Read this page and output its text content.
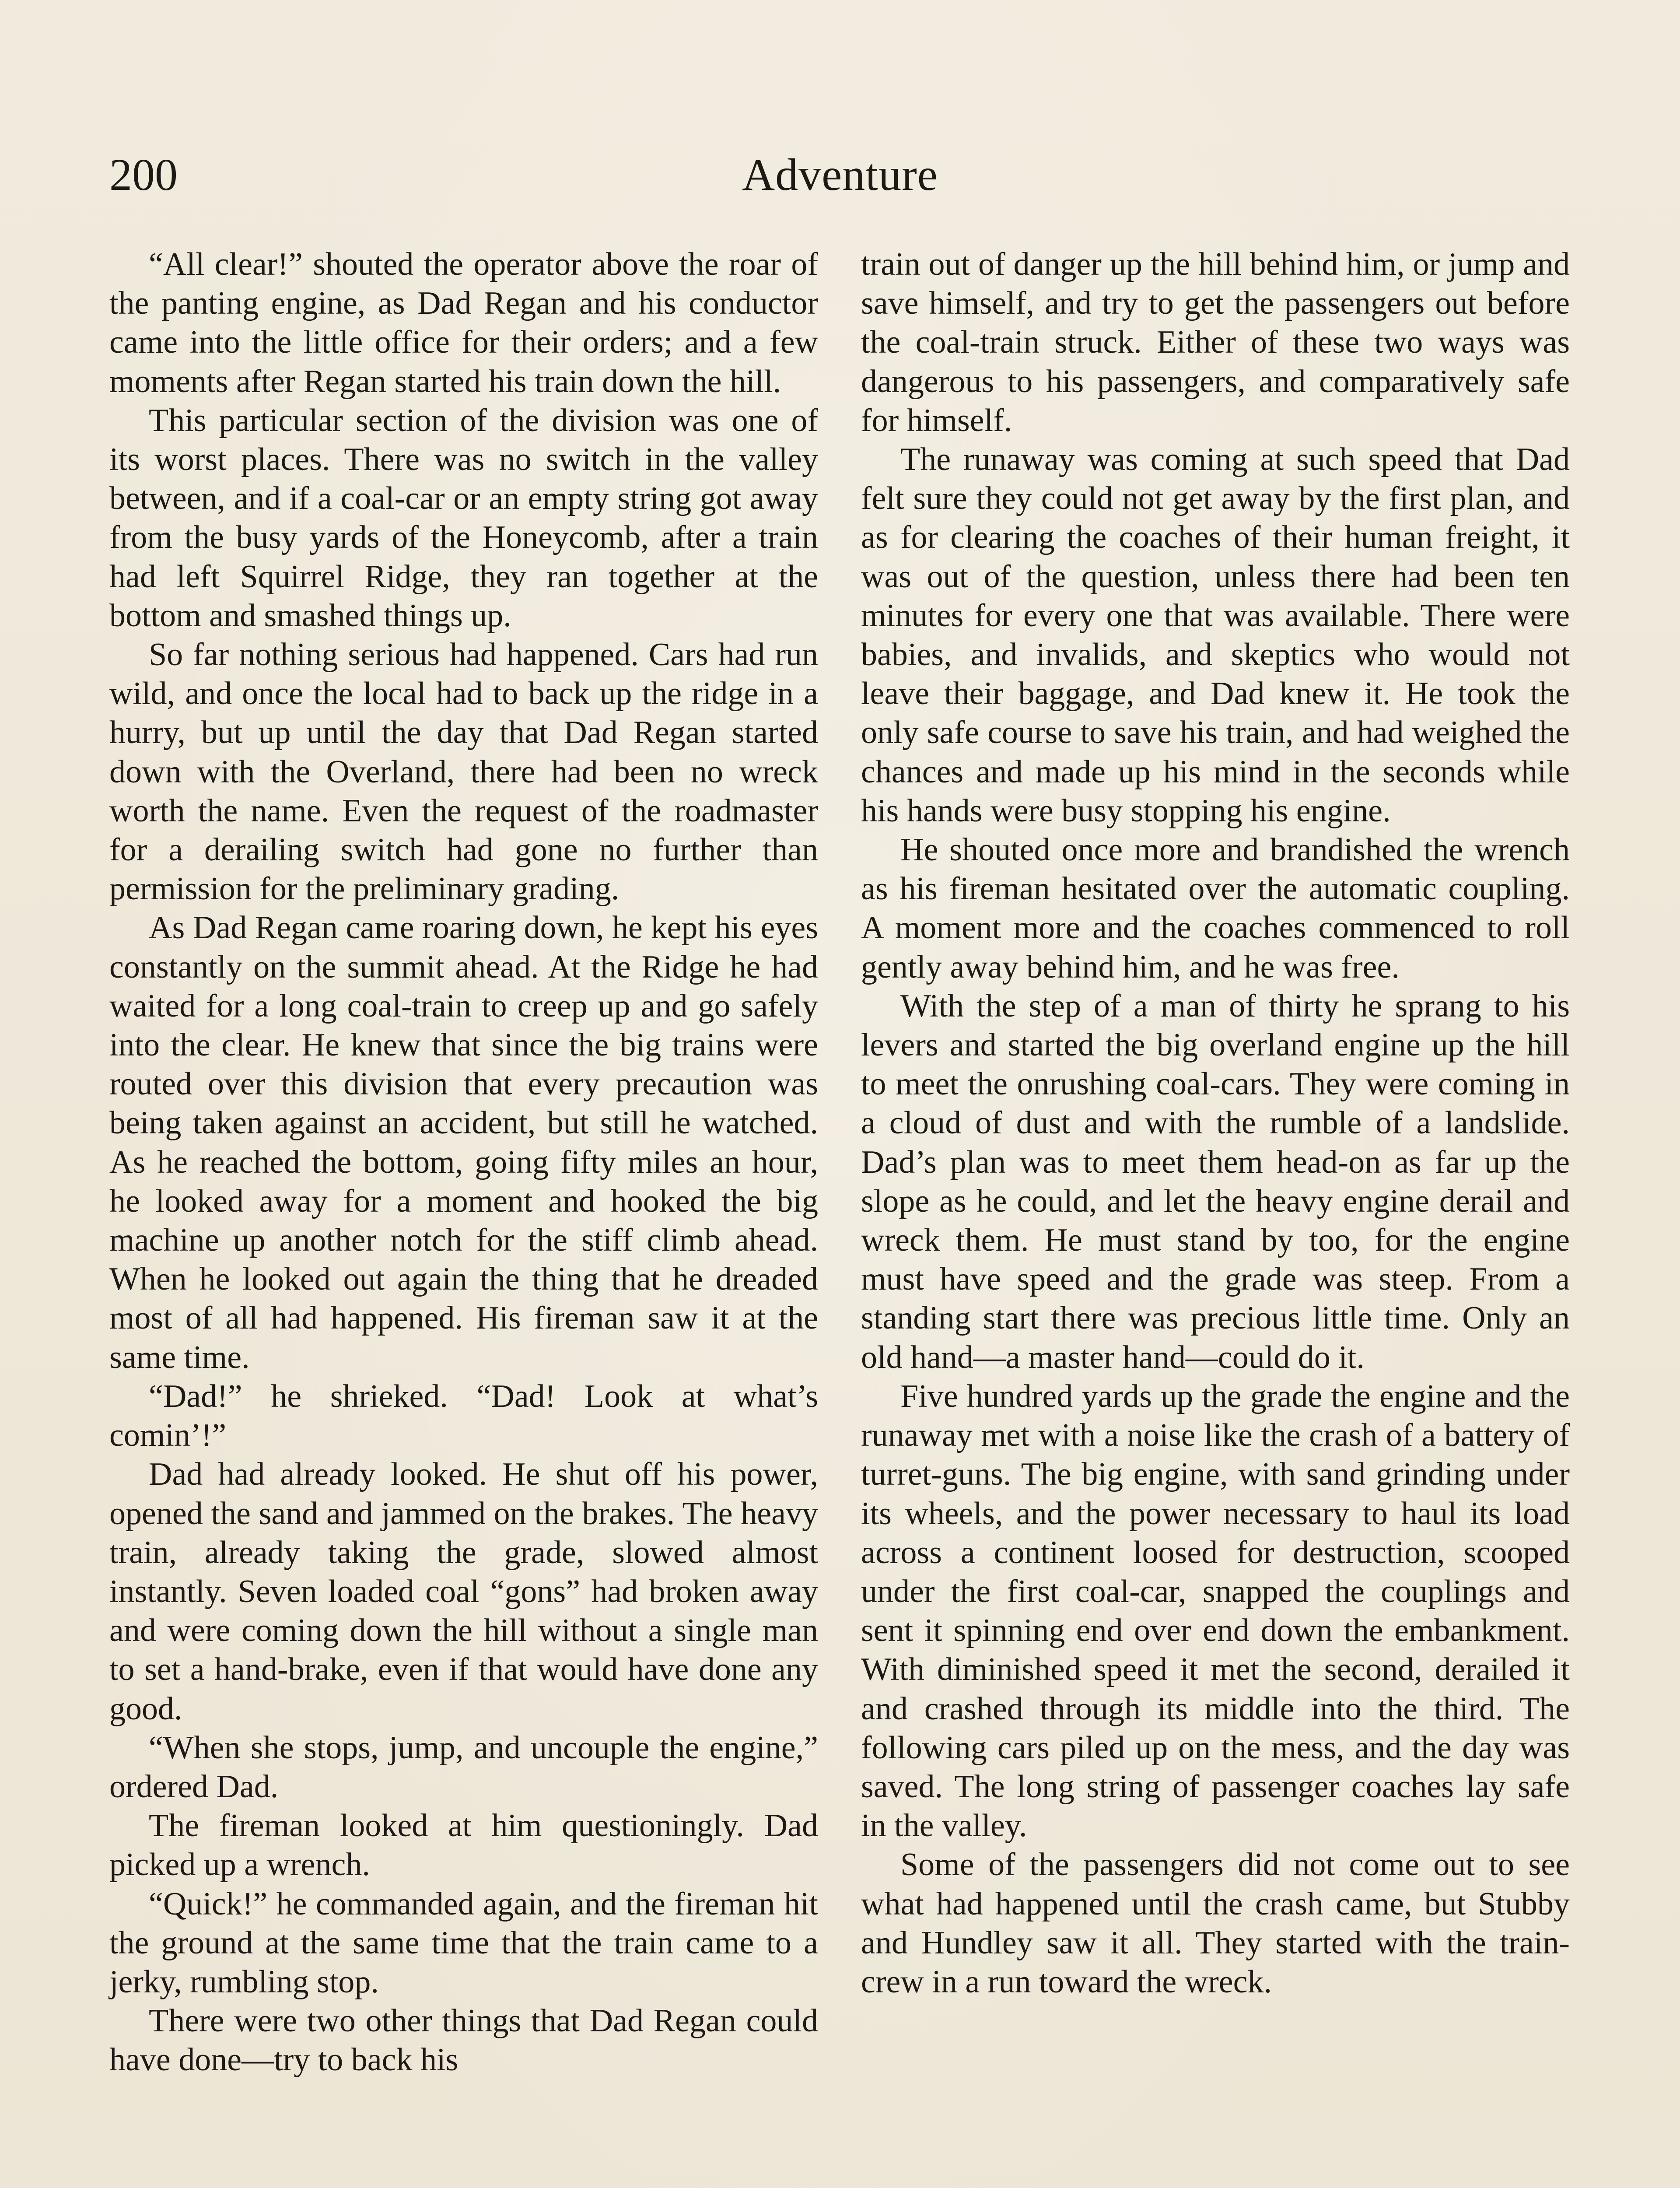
200	Adventure

“All clear!” shouted the operator above the roar of the panting engine, as Dad Regan and his conductor came into the little office for their orders; and a few moments after Regan started his train down the hill.

This particular section of the division was one of its worst places. There was no switch in the valley between, and if a coal-car or an empty string got away from the busy yards of the Honeycomb, after a train had left Squirrel Ridge, they ran together at the bottom and smashed things up.

So far nothing serious had happened. Cars had run wild, and once the local had to back up the ridge in a hurry, but up until the day that Dad Regan started down with the Overland, there had been no wreck worth the name. Even the request of the roadmaster for a derailing switch had gone no further than permission for the preliminary grading.

As Dad Regan came roaring down, he kept his eyes constantly on the summit ahead. At the Ridge he had waited for a long coal-train to creep up and go safely into the clear. He knew that since the big trains were routed over this division that every precaution was being taken against an accident, but still he watched. As he reached the bottom, going fifty miles an hour, he looked away for a moment and hooked the big machine up another notch for the stiff climb ahead. When he looked out again the thing that he dreaded most of all had happened. His fireman saw it at the same time.

“Dad!” he shrieked. “Dad! Look at what’s comin’!”

Dad had already looked. He shut off his power, opened the sand and jammed on the brakes. The heavy train, already taking the grade, slowed almost instantly. Seven loaded coal “gons” had broken away and were coming down the hill without a single man to set a hand-brake, even if that would have done any good.

“When she stops, jump, and uncouple the engine,” ordered Dad.

The fireman looked at him questioningly. Dad picked up a wrench.

“Quick!” he commanded again, and the fireman hit the ground at the same time that the train came to a jerky, rumbling stop.

There were two other things that Dad Regan could have done—try to back his

train out of danger up the hill behind him, or jump and save himself, and try to get the passengers out before the coal-train struck. Either of these two ways was dangerous to his passengers, and comparatively safe for himself.

The runaway was coming at such speed that Dad felt sure they could not get away by the first plan, and as for clearing the coaches of their human freight, it was out of the question, unless there had been ten minutes for every one that was available. There were babies, and invalids, and skeptics who would not leave their baggage, and Dad knew it. He took the only safe course to save his train, and had weighed the chances and made up his mind in the seconds while his hands were busy stopping his engine.

He shouted once more and brandished the wrench as his fireman hesitated over the automatic coupling. A moment more and the coaches commenced to roll gently away behind him, and he was free.

With the step of a man of thirty he sprang to his levers and started the big overland engine up the hill to meet the onrushing coal-cars. They were coming in a cloud of dust and with the rumble of a landslide. Dad’s plan was to meet them head-on as far up the slope as he could, and let the heavy engine derail and wreck them. He must stand by too, for the engine must have speed and the grade was steep. From a standing start there was precious little time. Only an old hand—a master hand—could do it.

Five hundred yards up the grade the engine and the runaway met with a noise like the crash of a battery of turret-guns. The big engine, with sand grinding under its wheels, and the power necessary to haul its load across a continent loosed for destruction, scooped under the first coal-car, snapped the couplings and sent it spinning end over end down the embankment. With diminished speed it met the second, derailed it and crashed through its middle into the third. The following cars piled up on the mess, and the day was saved. The long string of passenger coaches lay safe in the valley.

Some of the passengers did not come out to see what had happened until the crash came, but Stubby and Hundley saw it all. They started with the train-crew in a run toward the wreck.
